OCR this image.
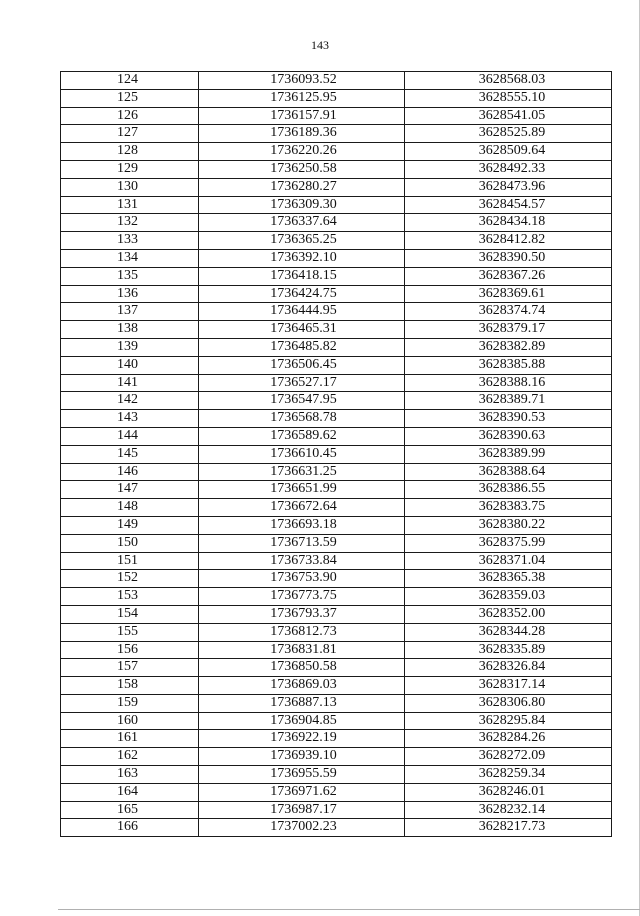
143
124	1736093.52	3628568.03
125	1736125.95	3628555.10
126	1736157.91	3628541.05
127	1736189.36	3628525.89
128	1736220.26	3628509.64
129	1736250.58	3628492.33
130	1736280.27	3628473.96
131	1736309.30	3628454.57
132	1736337.64	3628434.18
133	1736365.25	3628412.82
134	1736392.10	3628390.50
135	1736418.15	3628367.26
136	1736424.75	3628369.61
137	1736444.95	3628374.74
138	1736465.31	3628379.17
139	1736485.82	3628382.89
140	1736506.45	3628385.88
141	1736527.17	3628388.16
142	1736547.95	3628389.71
143	1736568.78	3628390.53
144	1736589.62	3628390.63
145	1736610.45	3628389.99
146	1736631.25	3628388.64
147	1736651.99	3628386.55
148	1736672.64	3628383.75
149	1736693.18	3628380.22
150	1736713.59	3628375.99
151	1736733.84	3628371.04
152	1736753.90	3628365.38
153	1736773.75	3628359.03
154	1736793.37	3628352.00
155	1736812.73	3628344.28
156	1736831.81	3628335.89
157	1736850.58	3628326.84
158	1736869.03	3628317.14
159	1736887.13	3628306.80
160	1736904.85	3628295.84
161	1736922.19	3628284.26
162	1736939.10	3628272.09
163	1736955.59	3628259.34
164	1736971.62	3628246.01
165	1736987.17	3628232.14
166	1737002.23	3628217.73
